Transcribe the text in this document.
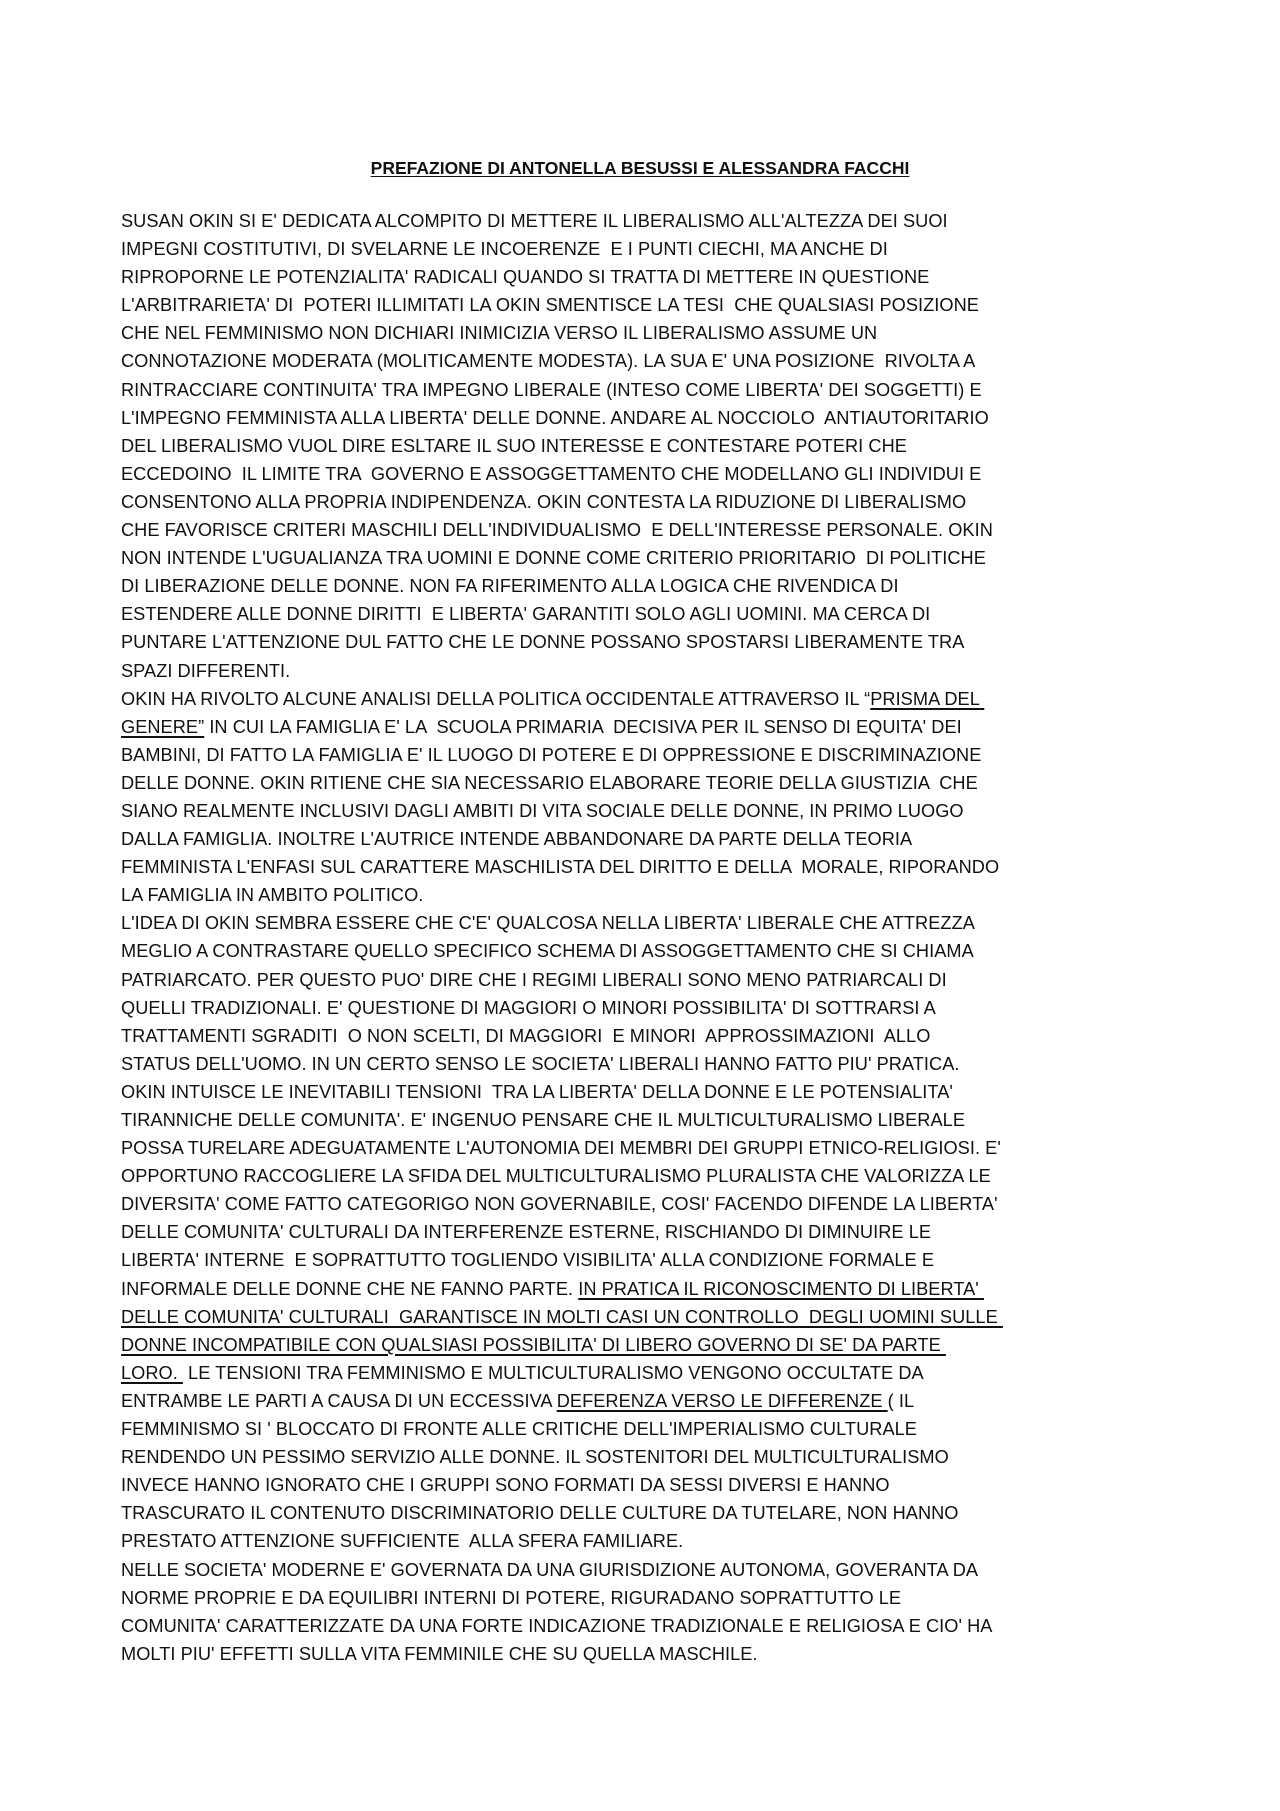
PREFAZIONE DI ANTONELLA BESUSSI E ALESSANDRA FACCHI
SUSAN OKIN SI E' DEDICATA ALCOMPITO DI METTERE IL LIBERALISMO ALL'ALTEZZA DEI SUOI
IMPEGNI COSTITUTIVI, DI SVELARNE LE INCOERENZE  E I PUNTI CIECHI, MA ANCHE DI
RIPROPORNE LE POTENZIALITA' RADICALI QUANDO SI TRATTA DI METTERE IN QUESTIONE
L'ARBITRARIETA' DI  POTERI ILLIMITATI LA OKIN SMENTISCE LA TESI  CHE QUALSIASI POSIZIONE
CHE NEL FEMMINISMO NON DICHIARI INIMICIZIA VERSO IL LIBERALISMO ASSUME UN
CONNOTAZIONE MODERATA (MOLITICAMENTE MODESTA). LA SUA E' UNA POSIZIONE  RIVOLTA A
RINTRACCIARE CONTINUITA' TRA IMPEGNO LIBERALE (INTESO COME LIBERTA' DEI SOGGETTI) E
L'IMPEGNO FEMMINISTA ALLA LIBERTA' DELLE DONNE. ANDARE AL NOCCIOLO  ANTIAUTORITARIO
DEL LIBERALISMO VUOL DIRE ESLTARE IL SUO INTERESSE E CONTESTARE POTERI CHE
ECCEDOINO  IL LIMITE TRA  GOVERNO E ASSOGGETTAMENTO CHE MODELLANO GLI INDIVIDUI E
CONSENTONO ALLA PROPRIA INDIPENDENZA. OKIN CONTESTA LA RIDUZIONE DI LIBERALISMO
CHE FAVORISCE CRITERI MASCHILI DELL'INDIVIDUALISMO  E DELL'INTERESSE PERSONALE. OKIN
NON INTENDE L'UGUALIANZA TRA UOMINI E DONNE COME CRITERIO PRIORITARIO  DI POLITICHE
DI LIBERAZIONE DELLE DONNE. NON FA RIFERIMENTO ALLA LOGICA CHE RIVENDICA DI
ESTENDERE ALLE DONNE DIRITTI  E LIBERTA' GARANTITI SOLO AGLI UOMINI. MA CERCA DI
PUNTARE L'ATTENZIONE DUL FATTO CHE LE DONNE POSSANO SPOSTARSI LIBERAMENTE TRA
SPAZI DIFFERENTI.
OKIN HA RIVOLTO ALCUNE ANALISI DELLA POLITICA OCCIDENTALE ATTRAVERSO IL “PRISMA DEL
GENERE” IN CUI LA FAMIGLIA E' LA  SCUOLA PRIMARIA  DECISIVA PER IL SENSO DI EQUITA' DEI
BAMBINI, DI FATTO LA FAMIGLIA E' IL LUOGO DI POTERE E DI OPPRESSIONE E DISCRIMINAZIONE
DELLE DONNE. OKIN RITIENE CHE SIA NECESSARIO ELABORARE TEORIE DELLA GIUSTIZIA  CHE
SIANO REALMENTE INCLUSIVI DAGLI AMBITI DI VITA SOCIALE DELLE DONNE, IN PRIMO LUOGO
DALLA FAMIGLIA. INOLTRE L'AUTRICE INTENDE ABBANDONARE DA PARTE DELLA TEORIA
FEMMINISTA L'ENFASI SUL CARATTERE MASCHILISTA DEL DIRITTO E DELLA  MORALE, RIPORANDO
LA FAMIGLIA IN AMBITO POLITICO.
L'IDEA DI OKIN SEMBRA ESSERE CHE C'E' QUALCOSA NELLA LIBERTA' LIBERALE CHE ATTREZZA
MEGLIO A CONTRASTARE QUELLO SPECIFICO SCHEMA DI ASSOGGETTAMENTO CHE SI CHIAMA
PATRIARCATO. PER QUESTO PUO' DIRE CHE I REGIMI LIBERALI SONO MENO PATRIARCALI DI
QUELLI TRADIZIONALI. E' QUESTIONE DI MAGGIORI O MINORI POSSIBILITA' DI SOTTRARSI A
TRATTAMENTI SGRADITI  O NON SCELTI, DI MAGGIORI  E MINORI  APPROSSIMAZIONI  ALLO
STATUS DELL'UOMO. IN UN CERTO SENSO LE SOCIETA' LIBERALI HANNO FATTO PIU' PRATICA.
OKIN INTUISCE LE INEVITABILI TENSIONI  TRA LA LIBERTA' DELLA DONNE E LE POTENSIALITA'
TIRANNICHE DELLE COMUNITA'. E' INGENUO PENSARE CHE IL MULTICULTURALISMO LIBERALE
POSSA TURELARE ADEGUATAMENTE L'AUTONOMIA DEI MEMBRI DEI GRUPPI ETNICO-RELIGIOSI. E'
OPPORTUNO RACCOGLIERE LA SFIDA DEL MULTICULTURALISMO PLURALISTA CHE VALORIZZA LE
DIVERSITA' COME FATTO CATEGORIGO NON GOVERNABILE, COSI' FACENDO DIFENDE LA LIBERTA'
DELLE COMUNITA' CULTURALI DA INTERFERENZE ESTERNE, RISCHIANDO DI DIMINUIRE LE
LIBERTA' INTERNE  E SOPRATTUTTO TOGLIENDO VISIBILITA' ALLA CONDIZIONE FORMALE E
INFORMALE DELLE DONNE CHE NE FANNO PARTE. IN PRATICA IL RICONOSCIMENTO DI LIBERTA'
DELLE COMUNITA' CULTURALI  GARANTISCE IN MOLTI CASI UN CONTROLLO  DEGLI UOMINI SULLE
DONNE INCOMPATIBILE CON QUALSIASI POSSIBILITA' DI LIBERO GOVERNO DI SE' DA PARTE
LORO.  LE TENSIONI TRA FEMMINISMO E MULTICULTURALISMO VENGONO OCCULTATE DA
ENTRAMBE LE PARTI A CAUSA DI UN ECCESSIVA DEFERENZA VERSO LE DIFFERENZE ( IL
FEMMINISMO SI ' BLOCCATO DI FRONTE ALLE CRITICHE DELL'IMPERIALISMO CULTURALE
RENDENDO UN PESSIMO SERVIZIO ALLE DONNE. IL SOSTENITORI DEL MULTICULTURALISMO
INVECE HANNO IGNORATO CHE I GRUPPI SONO FORMATI DA SESSI DIVERSI E HANNO
TRASCURATO IL CONTENUTO DISCRIMINATORIO DELLE CULTURE DA TUTELARE, NON HANNO
PRESTATO ATTENZIONE SUFFICIENTE  ALLA SFERA FAMILIARE.
NELLE SOCIETA' MODERNE E' GOVERNATA DA UNA GIURISDIZIONE AUTONOMA, GOVERANTA DA
NORME PROPRIE E DA EQUILIBRI INTERNI DI POTERE, RIGURADANO SOPRATTUTTO LE
COMUNITA' CARATTERIZZATE DA UNA FORTE INDICAZIONE TRADIZIONALE E RELIGIOSA E CIO' HA
MOLTI PIU' EFFETTI SULLA VITA FEMMINILE CHE SU QUELLA MASCHILE.
